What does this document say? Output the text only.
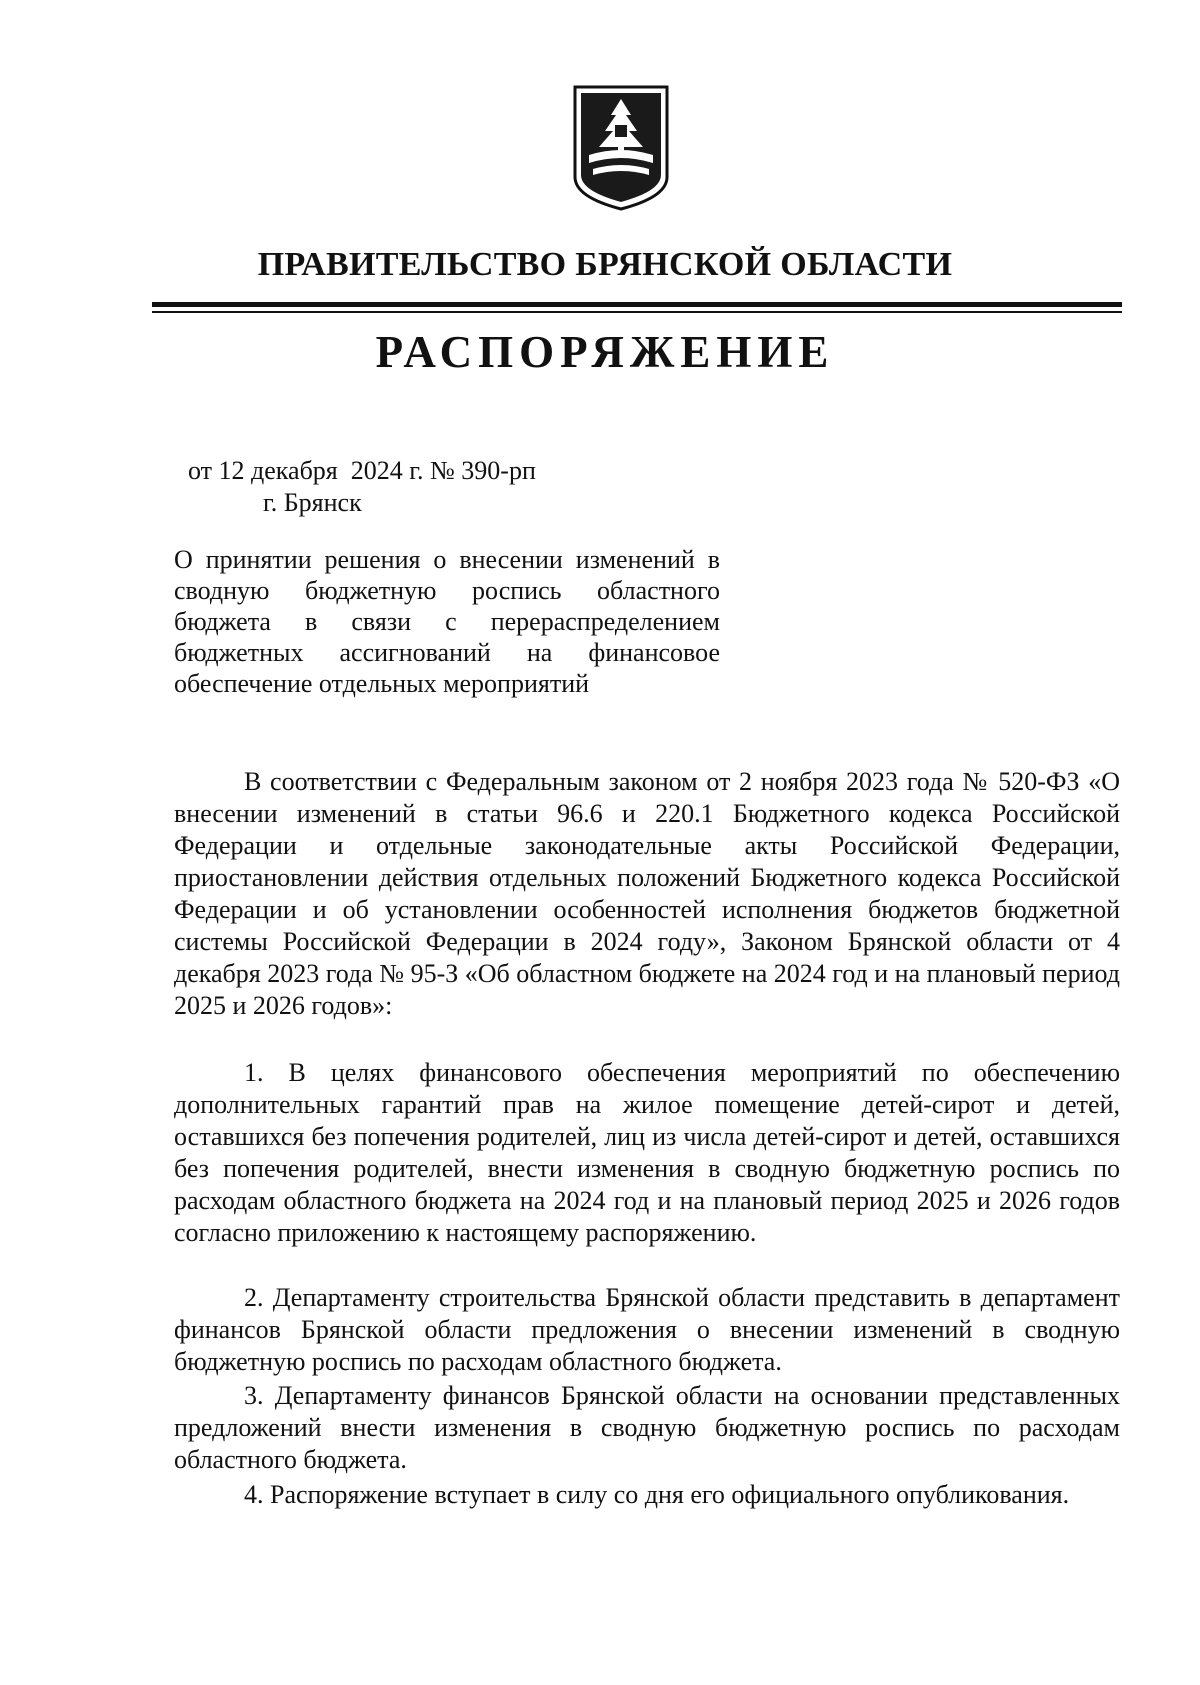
ПРАВИТЕЛЬСТВО БРЯНСКОЙ ОБЛАСТИ
РАСПОРЯЖЕНИЕ
от 12 декабря  2024 г. № 390-рп
г. Брянск
О принятии решения о внесении изменений в сводную бюджетную роспись областного бюджета в связи с перераспределением бюджетных ассигнований на финансовое обеспечение отдельных мероприятий

В соответствии с Федеральным законом от 2 ноября 2023 года № 520-ФЗ «О внесении изменений в статьи 96.6 и 220.1 Бюджетного кодекса Российской Федерации и отдельные законодательные акты Российской Федерации, приостановлении действия отдельных положений Бюджетного кодекса Российской Федерации и об установлении особенностей исполнения бюджетов бюджетной системы Российской Федерации в 2024 году», Законом Брянской области от 4 декабря 2023 года № 95-З «Об областном бюджете на 2024 год и на плановый период 2025 и 2026 годов»:

1. В целях финансового обеспечения мероприятий по обеспечению дополнительных гарантий прав на жилое помещение детей-сирот и детей, оставшихся без попечения родителей, лиц из числа детей-сирот и детей, оставшихся без попечения родителей, внести изменения в сводную бюджетную роспись по расходам областного бюджета на 2024 год и на плановый период 2025 и 2026 годов согласно приложению к настоящему распоряжению.

2. Департаменту строительства Брянской области представить в департамент финансов Брянской области предложения о внесении изменений в сводную бюджетную роспись по расходам областного бюджета.

3. Департаменту финансов Брянской области на основании представленных предложений внести изменения в сводную бюджетную роспись по расходам областного бюджета.

4. Распоряжение вступает в силу со дня его официального опубликования.
